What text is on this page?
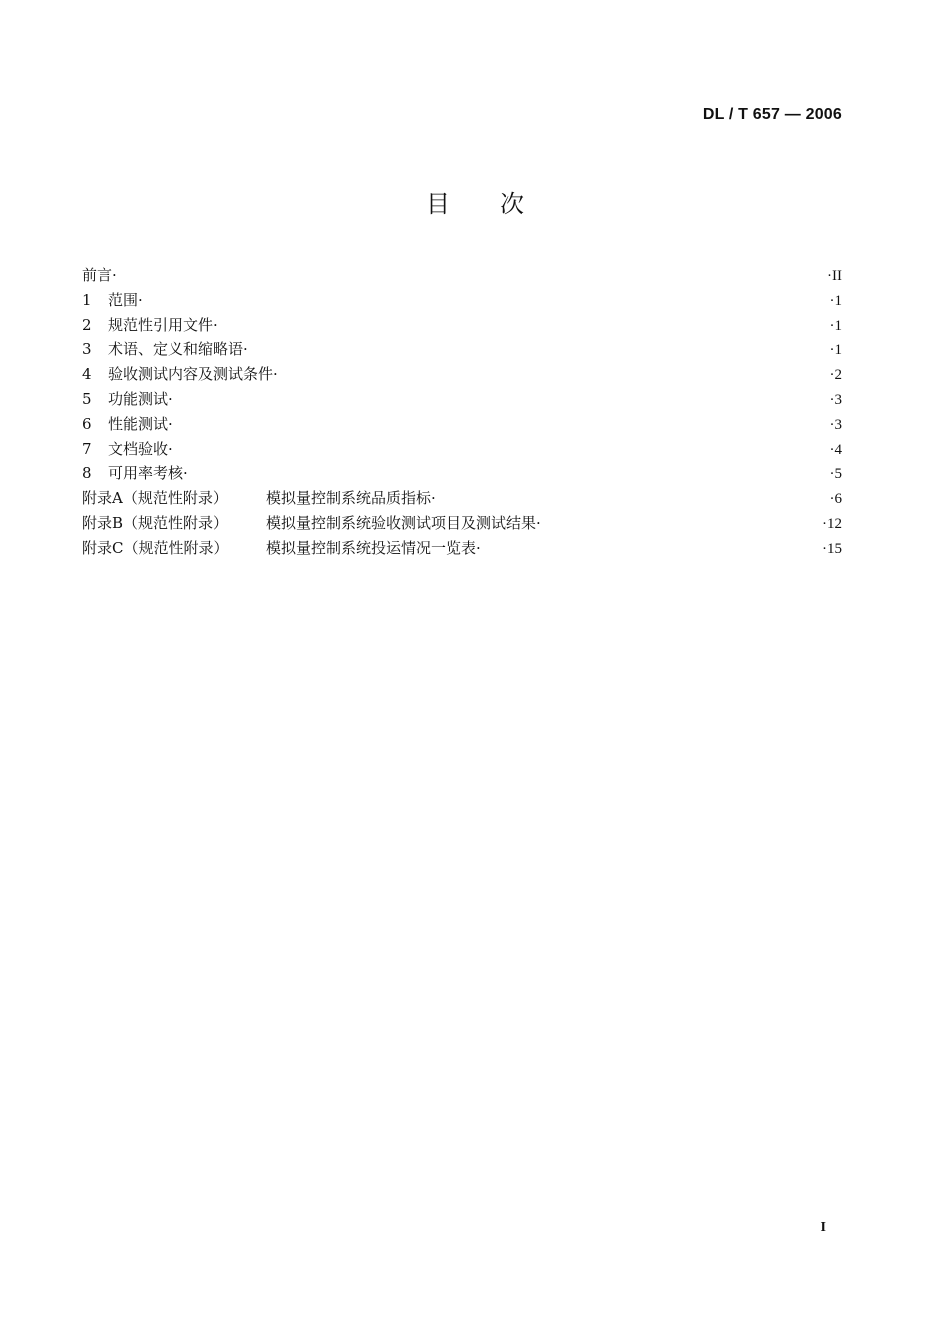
DL / T 657 — 2006
目次
前言·	·II
1	范围·	·1
2	规范性引用文件·	·1
3	术语、定义和缩略语·	·1
4	验收测试内容及测试条件·	·2
5	功能测试·	·3
6	性能测试·	·3
7	文档验收·	·4
8	可用率考核·	·5
附录A（规范性附录）	模拟量控制系统品质指标·	·6
附录B（规范性附录）	模拟量控制系统验收测试项目及测试结果·	·12
附录C（规范性附录）	模拟量控制系统投运情况一览表·	·15
I
